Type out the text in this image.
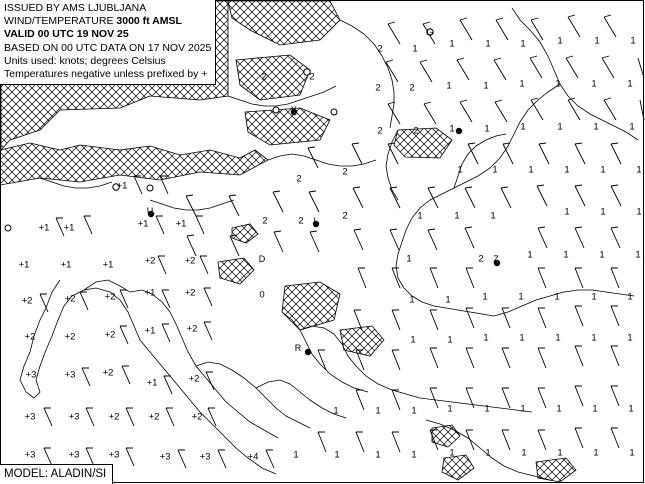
ISSUED BY AMS LJUBLJANA
WIND/TEMPERATURE 3000 ft AMSL
VALID 00 UTC 19 NOV 25
BASED ON 00 UTC DATA ON 17 NOV 2025
Units used: knots; degrees Celsius
Temperatures negative unless prefixed by +
MODEL: ALADIN/SI
+1
+1 +1	+1	+1
+1	+1	+1	+2	+2
+2	+2	+2	+1	+2
+2	+2	+2	+1	+2
+3	+3	+2
+1	+2
+3	+3	+2	+2	+2
+3	+3	+3	+3	+3	+4
2	2
2	1	1	1	1	1	1	1
2	2	1	1	1	1	1	1
2	2	1	1	1	1	1	1
2
2	1	1	1	1	1	1
2	2	2	1	1	1	1	1	1
1	2	1	1	1	1
0	1	1	1	1	1	1	1
1	1	1	1	1	1	1
1	1	1	1	1	1	1	1	1
1	1	1	1	1	1	1	1	1	1
G
K
U
L
D	Z
R
